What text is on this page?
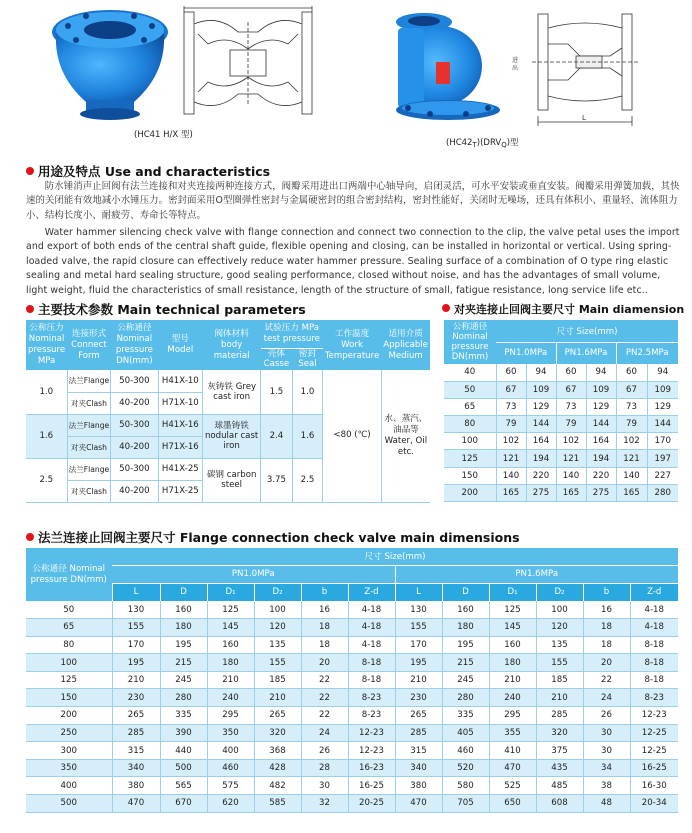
(HC41 H/X 型)
L
进
出
$(HC42_T)(DRV_Q)$型
用途及特点 Use and characteristics
防水锤消声止回阀有法兰连接和对夹连接两种连接方式，阀瓣采用进出口两端中心轴导向，启闭灵活，可水平安装或垂直安装。阀瓣采用弹簧加载，其快速的关闭能有效地减小水锤压力。密封面采用O型圈弹性密封与金属硬密封的组合密封结构，密封性能好，关闭时无噪场，还具有体积小、重量轻、流体阻力小、结构长度小、耐疲劳、寿命长等特点。
Water hammer silencing check valve with flange connection and connect two connection to the clip, the valve petal uses the import and export of both ends of the central shaft guide, flexible opening and closing, can be installed in horizontal or vertical. Using spring-loaded valve, the rapid closure can effectively reduce water hammer pressure. Sealing surface of a combination of O type ring elastic sealing and metal hard sealing structure, good sealing performance, closed without noise, and has the advantages of small volume, light weight, fluid the characteristics of small resistance, length of the structure of small, fatigue resistance, long service life etc..
主要技术参数 Main technical parameters
公称压力 Nominal pressure MPa	连接形式 Connect Form	公称通径 Nominal pressure DN(mm)	型号 Model	阀体材料 body material	试验压力 MPa test pressure		工作温度 Work Temperature	适用介质 Applicable Medium
					壳体 Casse	密封 Seal		
1.0	法兰Flange	50-300	H41X-10	灰铸铁 Grey cast iron	1.5	1.0	<80 (℃)	水、蒸汽、油品等 Water, Oil etc.
	对夹Clash	40-200	H71X-10					
1.6	法兰Flange	50-300	H41X-16	球墨铸铁 nodular cast iron	2.4	1.6		
	对夹Clash	40-200	H71X-16					
2.5	法兰Flange	50-300	H41X-25	碳钢 carbon steel	3.75	2.5		
	对夹Clash	40-200	H71X-25					
对夹连接止回阀主要尺寸 Main diamension
公称通径 Nominal pressure DN(mm)	尺寸 Size(mm)					
	PN1.0MPa		PN1.6MPa		PN2.5MPa	
40	60	94	60	94	60	94
50	67	109	67	109	67	109
65	73	129	73	129	73	129
80	79	144	79	144	79	144
100	102	164	102	164	102	170
125	121	194	121	194	121	197
150	140	220	140	220	140	227
200	165	275	165	275	165	280
法兰连接止回阀主要尺寸 Flange connection check valve main dimensions
公称通径 Nominal pressure DN(mm)	尺寸 Size(mm)											
	PN1.0MPa						PN1.6MPa					
	L	D	D₁	D₂	b	Z-d	L	D	D₁	D₂	b	Z-d
50	130	160	125	100	16	4-18	130	160	125	100	16	4-18
65	155	180	145	120	18	4-18	155	180	145	120	18	4-18
80	170	195	160	135	18	4-18	170	195	160	135	18	8-18
100	195	215	180	155	20	8-18	195	215	180	155	20	8-18
125	210	245	210	185	22	8-18	210	245	210	185	22	8-18
150	230	280	240	210	22	8-23	230	280	240	210	24	8-23
200	265	335	295	265	22	8-23	265	335	295	285	26	12-23
250	285	390	350	320	24	12-23	285	405	355	320	30	12-25
300	315	440	400	368	26	12-23	315	460	410	375	30	12-25
350	340	500	460	428	28	16-23	340	520	470	435	34	16-25
400	380	565	575	482	30	16-25	380	580	525	485	38	16-30
500	470	670	620	585	32	20-25	470	705	650	608	48	20-34
